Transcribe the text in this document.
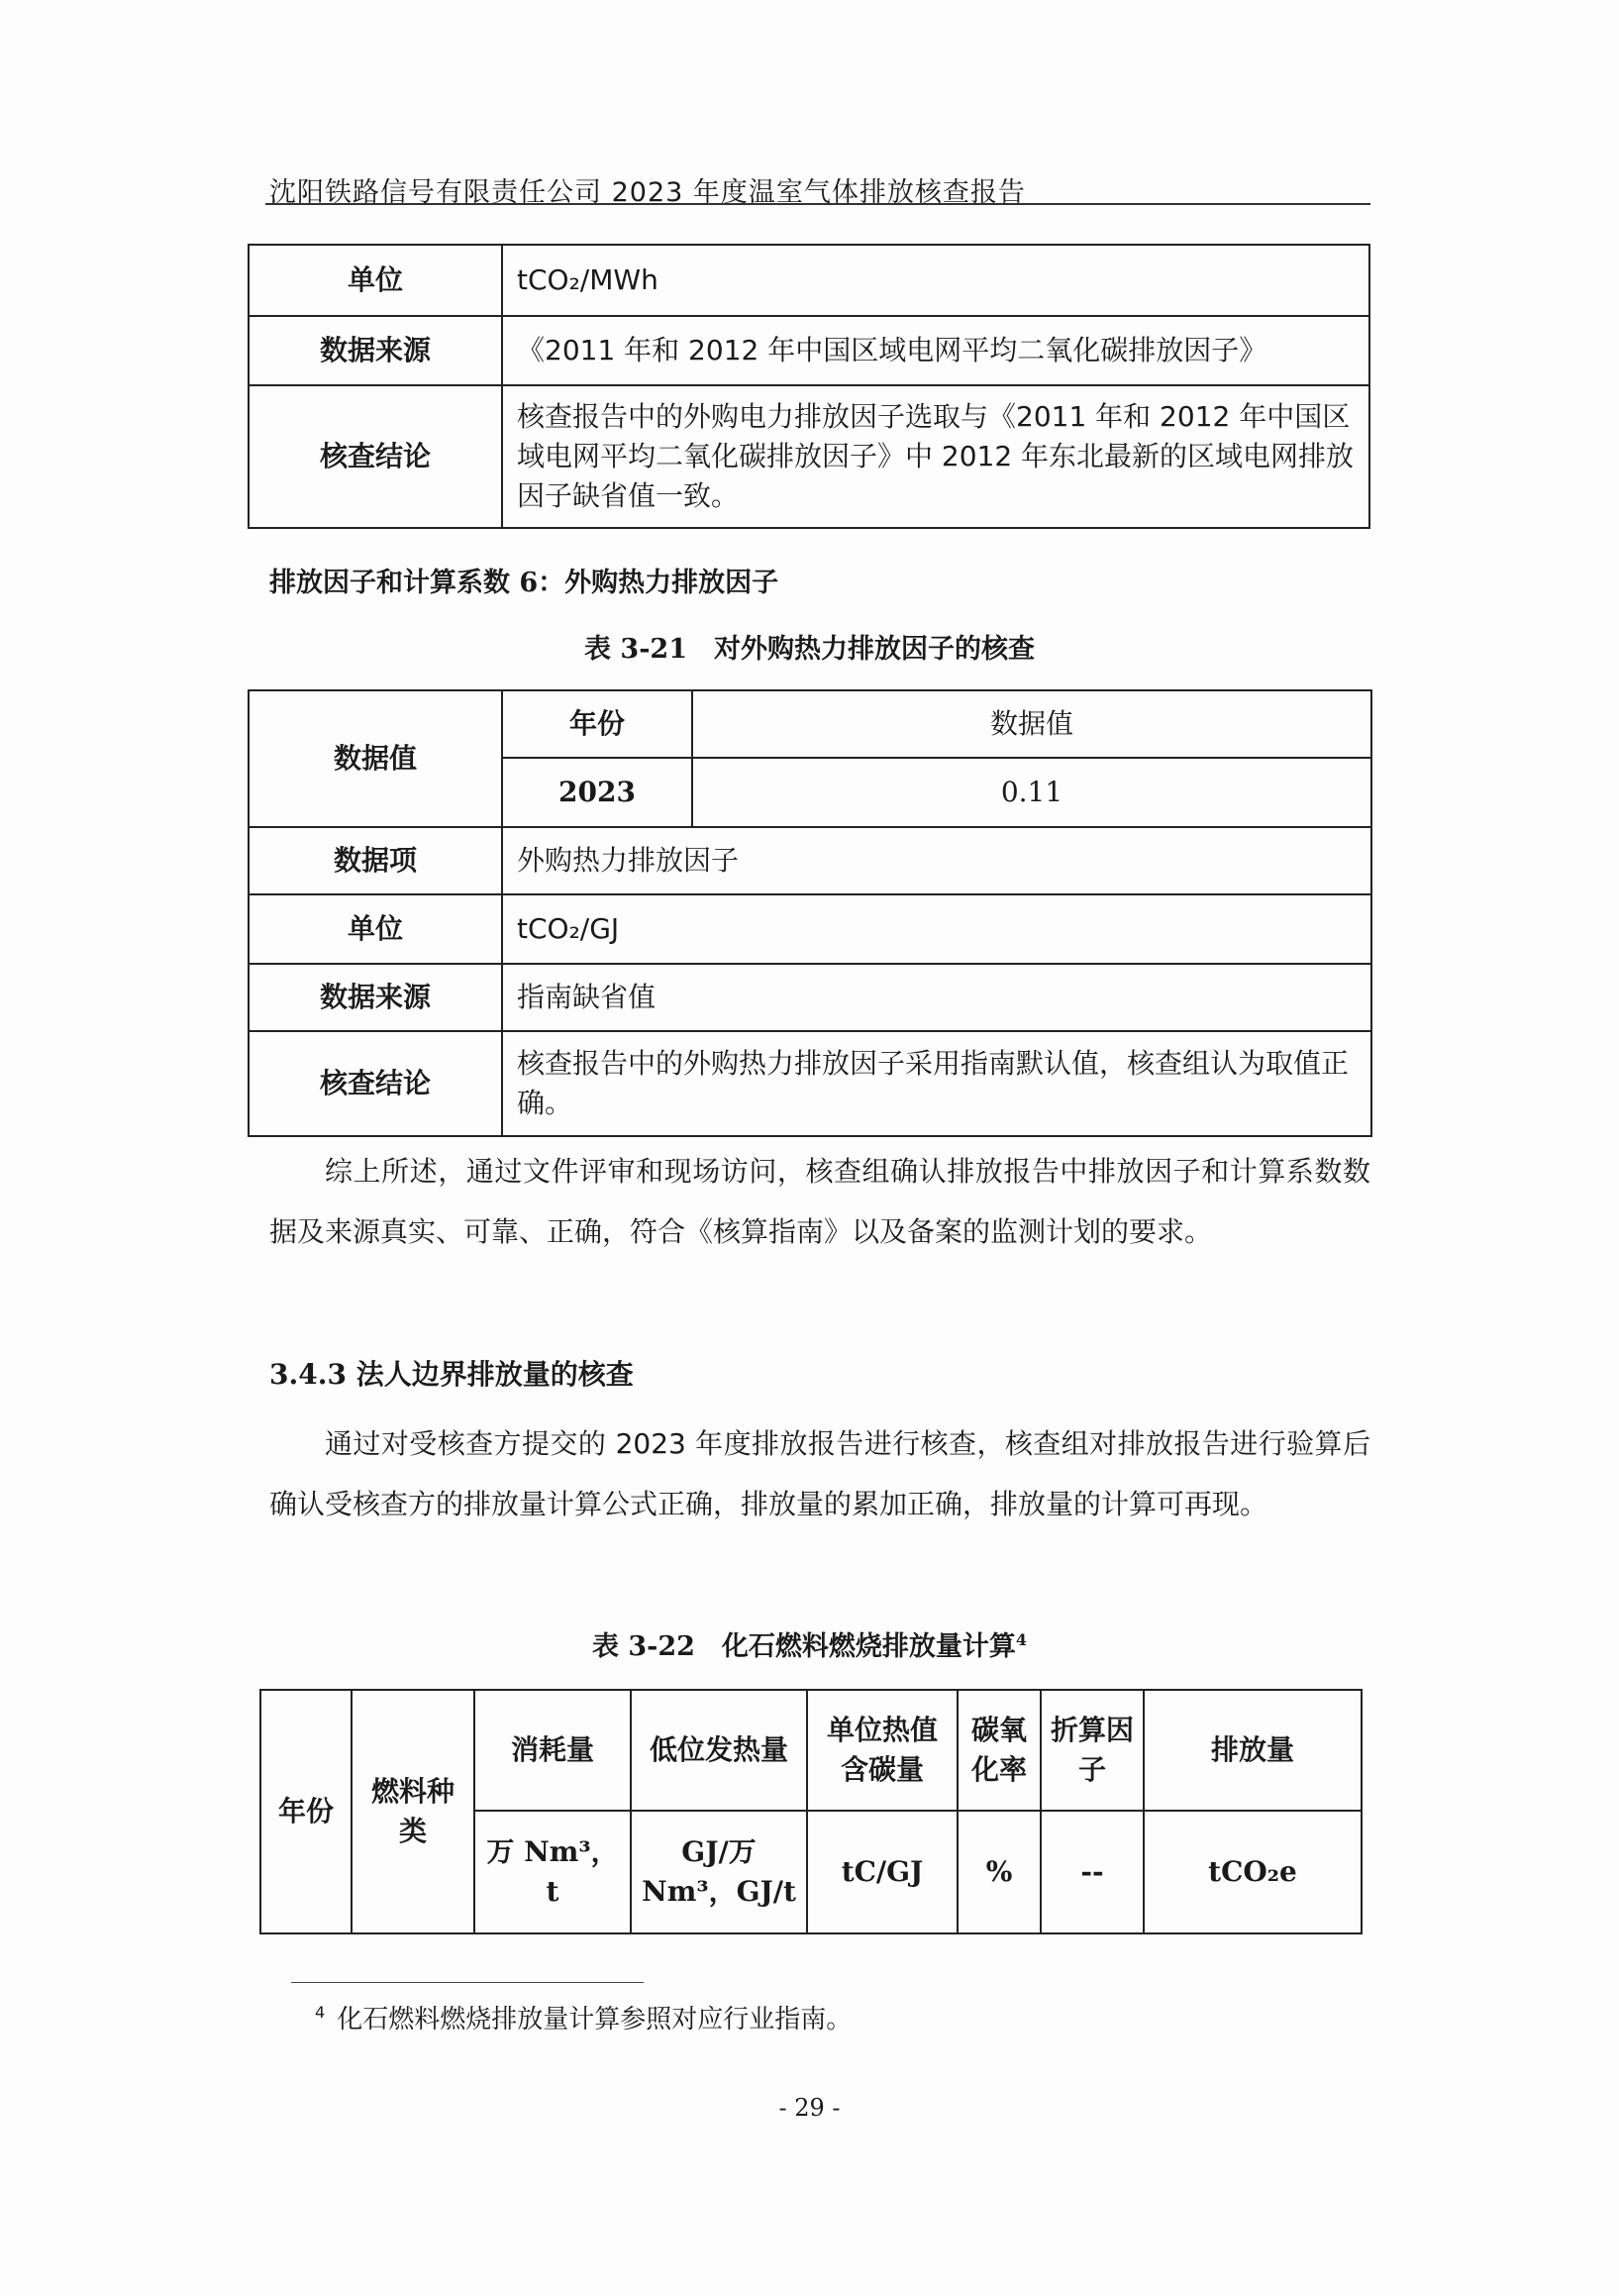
沈阳铁路信号有限责任公司 2023 年度温室气体排放核查报告
单位	tCO₂/MWh
数据来源	《2011 年和 2012 年中国区域电网平均二氧化碳排放因子》
核查结论	核查报告中的外购电力排放因子选取与《2011 年和 2012 年中国区域电网平均二氧化碳排放因子》中 2012 年东北最新的区域电网排放因子缺省值一致。
排放因子和计算系数 6：外购热力排放因子
表 3-21　对外购热力排放因子的核查
数据值	年份	数据值
	2023	0.11
数据项	外购热力排放因子	
单位	tCO₂/GJ	
数据来源	指南缺省值	
核查结论	核查报告中的外购热力排放因子采用指南默认值，核查组认为取值正确。	
综上所述，通过文件评审和现场访问，核查组确认排放报告中排放因子和计算系数数据及来源真实、可靠、正确，符合《核算指南》以及备案的监测计划的要求。
3.4.3 法人边界排放量的核查
通过对受核查方提交的 2023 年度排放报告进行核查，核查组对排放报告进行验算后确认受核查方的排放量计算公式正确，排放量的累加正确，排放量的计算可再现。
表 3-22　化石燃料燃烧排放量计算$^4$
年份	燃料种类	消耗量	低位发热量	单位热值含碳量	碳氧化率	折算因子	排放量
		万 Nm³，t	GJ/万 Nm³，GJ/t	tC/GJ	%	--	tCO₂e
$^4$ 化石燃料燃烧排放量计算参照对应行业指南。
- 29 -
